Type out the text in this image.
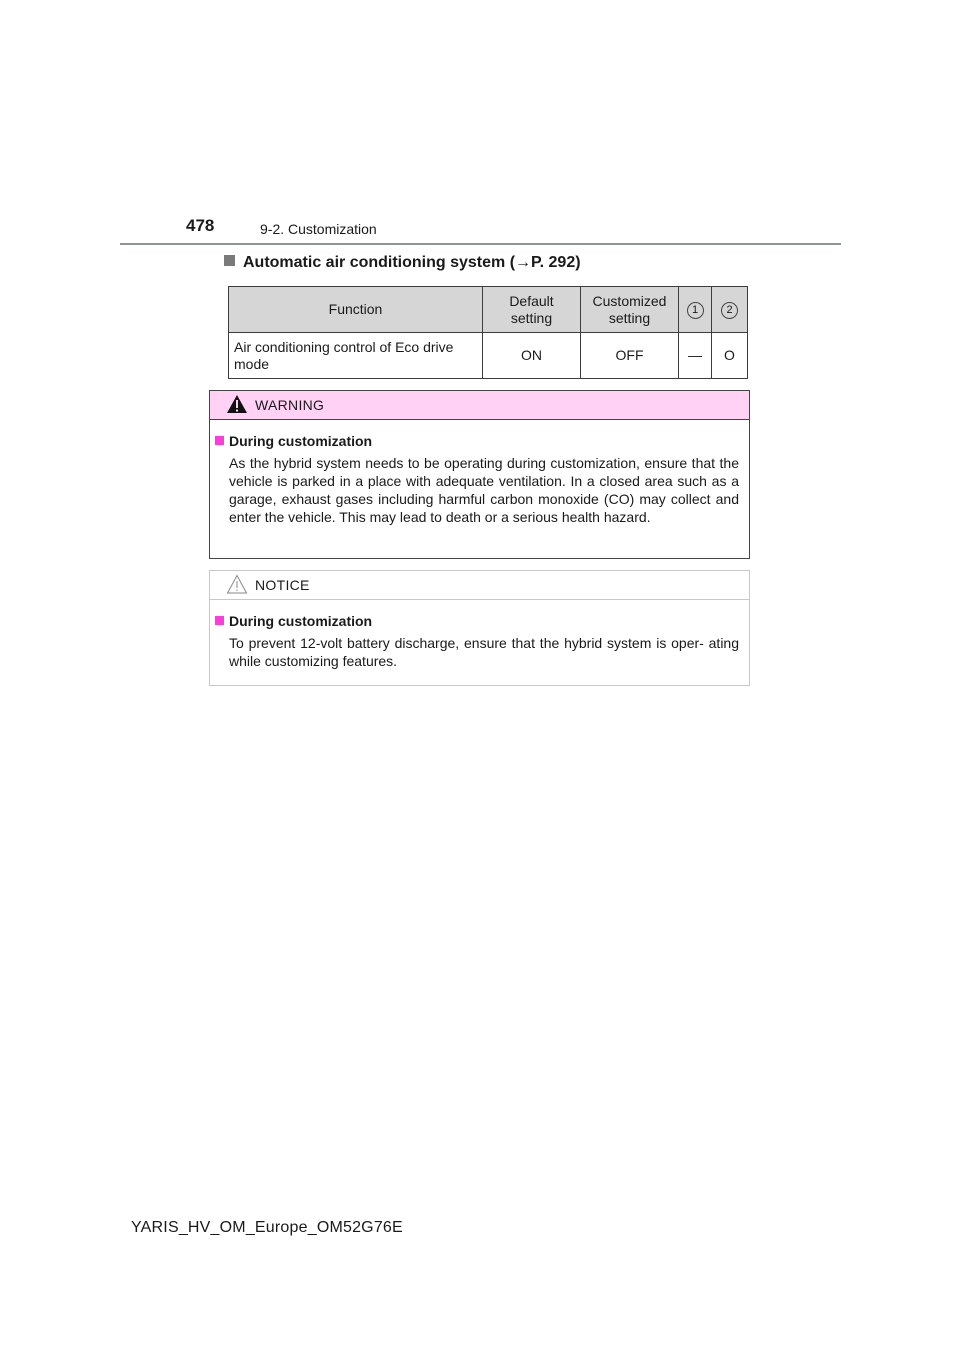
478	9-2. Customization
Automatic air conditioning system (→P. 292)
Function	Default setting	Customized setting	1	2
Air conditioning control of Eco drive mode	ON	OFF	—	O
WARNING
During customization
As the hybrid system needs to be operating during customization, ensure that the vehicle is parked in a place with adequate ventilation. In a closed area such as a garage, exhaust gases including harmful carbon monoxide (CO) may collect and enter the vehicle. This may lead to death or a serious health hazard.
NOTICE
During customization
To prevent 12-volt battery discharge, ensure that the hybrid system is oper- ating while customizing features.
YARIS_HV_OM_Europe_OM52G76E
